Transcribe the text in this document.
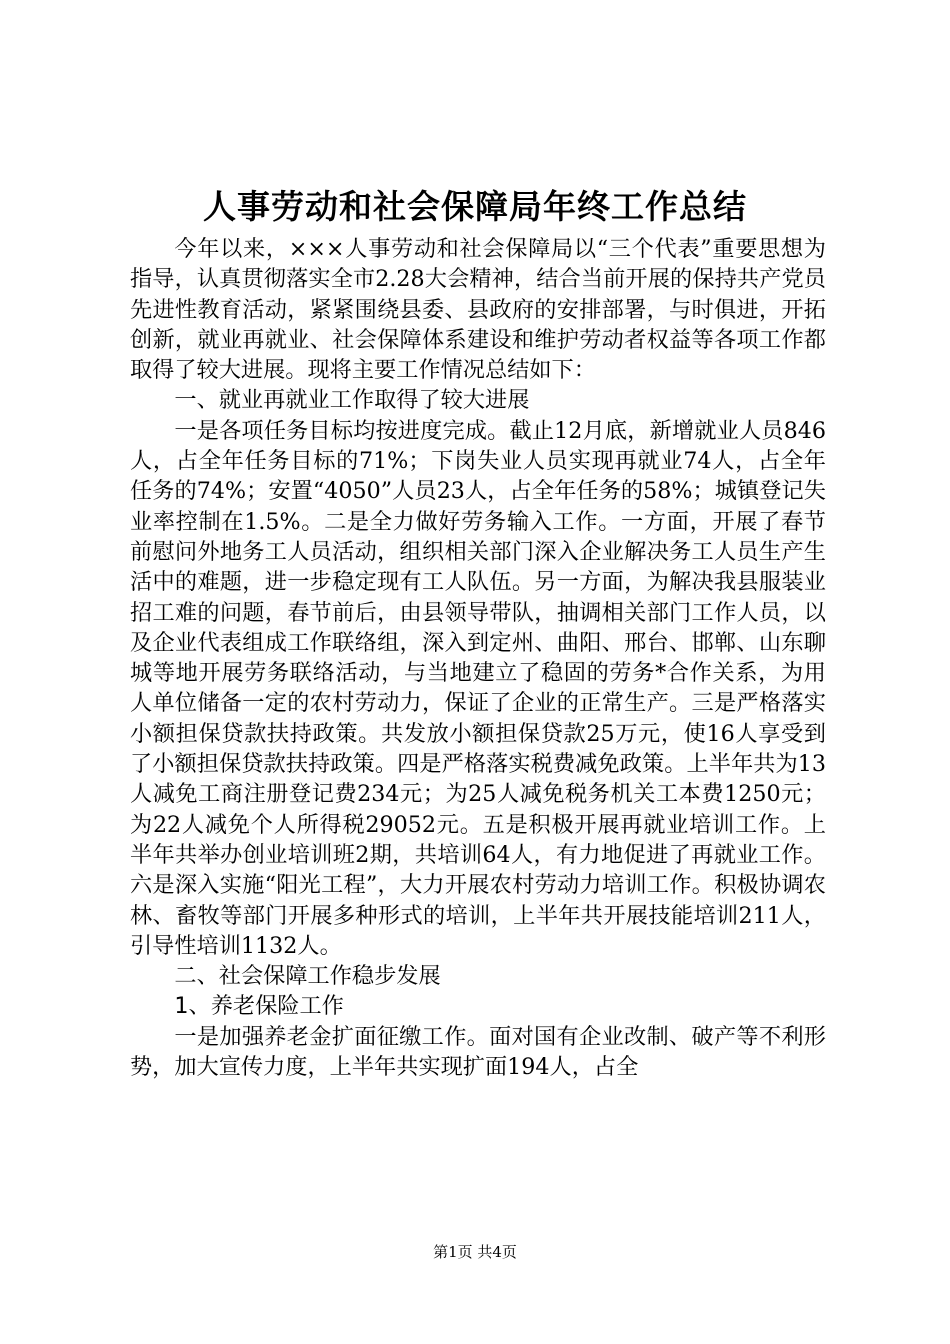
人事劳动和社会保障局年终工作总结

今年以来，×××人事劳动和社会保障局以“三个代表”重要思想为指导，认真贯彻落实全市2.28大会精神，结合当前开展的保持共产党员先进性教育活动，紧紧围绕县委、县政府的安排部署，与时俱进，开拓创新，就业再就业、社会保障体系建设和维护劳动者权益等各项工作都取得了较大进展。现将主要工作情况总结如下：

一、就业再就业工作取得了较大进展

一是各项任务目标均按进度完成。截止12月底，新增就业人员846人，占全年任务目标的71%；下岗失业人员实现再就业74人，占全年任务的74%；安置“4050”人员23人，占全年任务的58%；城镇登记失业率控制在1.5%。二是全力做好劳务输入工作。一方面，开展了春节前慰问外地务工人员活动，组织相关部门深入企业解决务工人员生产生活中的难题，进一步稳定现有工人队伍。另一方面，为解决我县服装业招工难的问题，春节前后，由县领导带队，抽调相关部门工作人员，以及企业代表组成工作联络组，深入到定州、曲阳、邢台、邯郸、山东聊城等地开展劳务联络活动，与当地建立了稳固的劳务*合作关系，为用人单位储备一定的农村劳动力，保证了企业的正常生产。三是严格落实小额担保贷款扶持政策。共发放小额担保贷款25万元，使16人享受到了小额担保贷款扶持政策。四是严格落实税费减免政策。上半年共为13人减免工商注册登记费234元；为25人减免税务机关工本费1250元；为22人减免个人所得税29052元。五是积极开展再就业培训工作。上半年共举办创业培训班2期，共培训64人，有力地促进了再就业工作。六是深入实施“阳光工程”，大力开展农村劳动力培训工作。积极协调农林、畜牧等部门开展多种形式的培训，上半年共开展技能培训211人，引导性培训1132人。

二、社会保障工作稳步发展
1、养老保险工作

一是加强养老金扩面征缴工作。面对国有企业改制、破产等不利形势，加大宣传力度，上半年共实现扩面194人，占全

第1页 共4页
